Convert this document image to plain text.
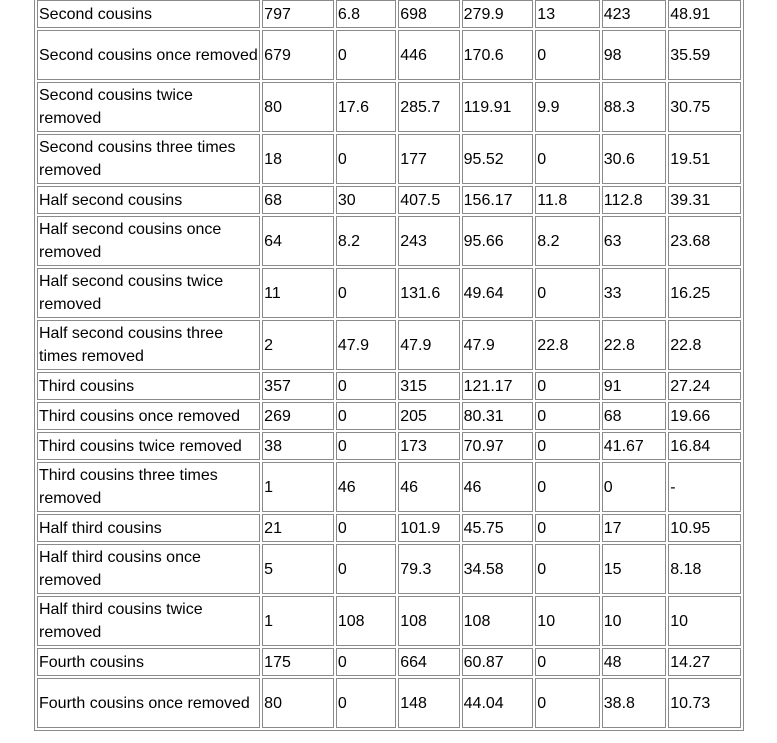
Second cousins	797	6.8	698	279.9	13	423	48.91
Second cousins once removed	679	0	446	170.6	0	98	35.59
Second cousins twice removed	80	17.6	285.7	119.91	9.9	88.3	30.75
Second cousins three times removed	18	0	177	95.52	0	30.6	19.51
Half second cousins	68	30	407.5	156.17	11.8	112.8	39.31
Half second cousins once removed	64	8.2	243	95.66	8.2	63	23.68
Half second cousins twice removed	11	0	131.6	49.64	0	33	16.25
Half second cousins three times removed	2	47.9	47.9	47.9	22.8	22.8	22.8
Third cousins	357	0	315	121.17	0	91	27.24
Third cousins once removed	269	0	205	80.31	0	68	19.66
Third cousins twice removed	38	0	173	70.97	0	41.67	16.84
Third cousins three times removed	1	46	46	46	0	0	-
Half third cousins	21	0	101.9	45.75	0	17	10.95
Half third cousins once removed	5	0	79.3	34.58	0	15	8.18
Half third cousins twice removed	1	108	108	108	10	10	10
Fourth cousins	175	0	664	60.87	0	48	14.27
Fourth cousins once removed	80	0	148	44.04	0	38.8	10.73
